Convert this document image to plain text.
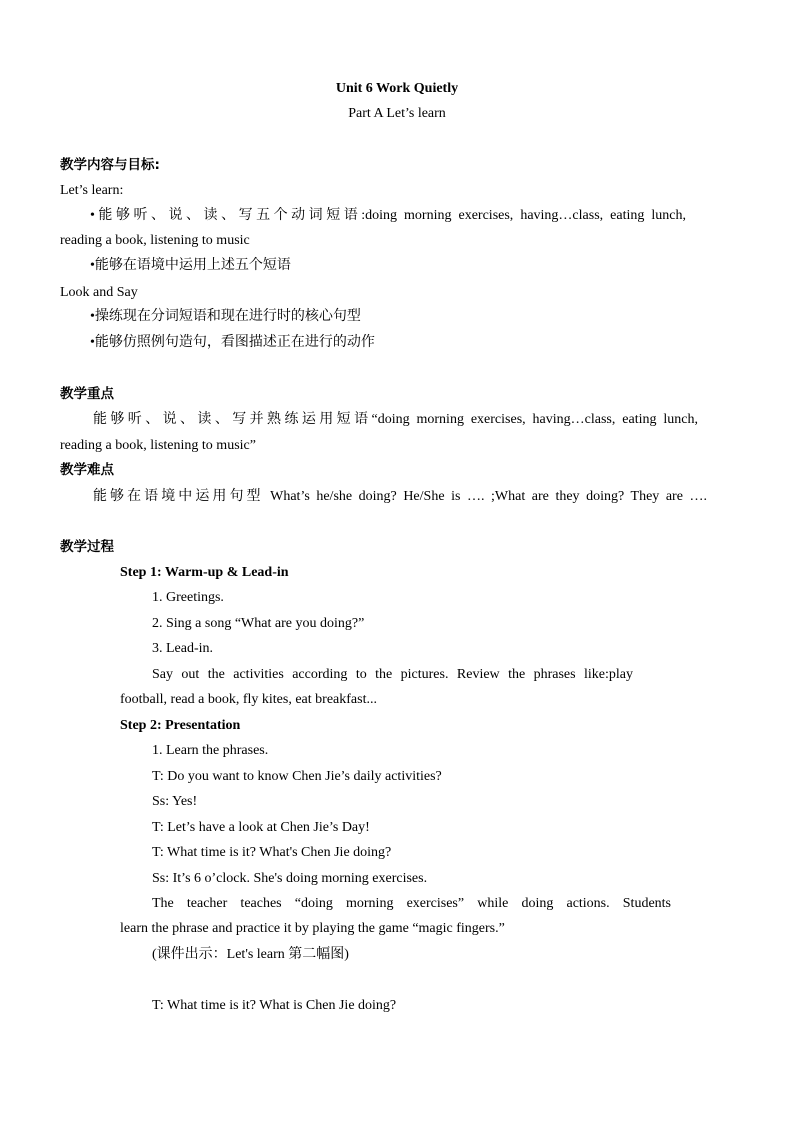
Unit 6 Work Quietly
Part A Let’s learn
教学内容与目标:
Let’s learn:
•能够听、说、读、写五个动词短语:doing morning exercises, having…class, eating lunch,
reading a book, listening to music
•能够在语境中运用上述五个短语
Look and Say
•操练现在分词短语和现在进行时的核心句型
•能够仿照例句造句，看图描述正在进行的动作
教学重点
能够听、说、读、写并熟练运用短语“doing morning exercises, having…class, eating lunch,
reading a book, listening to music”
教学难点
能够在语境中运用句型 What’s he/she doing? He/She is …. ;What are they doing? They are ….
教学过程
Step 1: Warm-up & Lead-in
1. Greetings.
2. Sing a song “What are you doing?”
3. Lead-in.
Say out the activities according to the pictures. Review the phrases like:play
football, read a book, fly kites, eat breakfast...
Step 2: Presentation
1. Learn the phrases.
T: Do you want to know Chen Jie’s daily activities?
Ss: Yes!
T: Let’s have a look at Chen Jie’s Day!
T: What time is it? What's Chen Jie doing?
Ss: It’s 6 o’clock. She's doing morning exercises.
The teacher teaches “doing morning exercises” while doing actions. Students
learn the phrase and practice it by playing the game “magic fingers.”
(课件出示：Let's learn 第二幅图)
T: What time is it? What is Chen Jie doing?
